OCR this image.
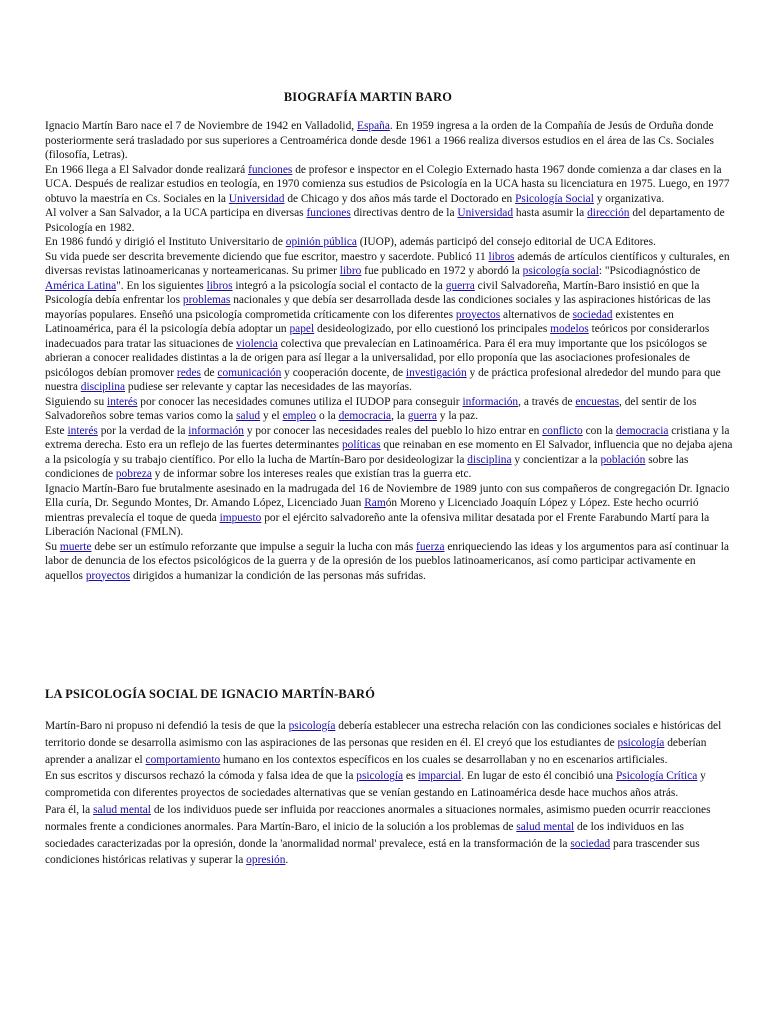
BIOGRAFÍA MARTIN BARO

Ignacio Martín Baro nace el 7 de Noviembre de 1942 en Valladolid, España. En 1959 ingresa a la orden de la Compañía de Jesús de Orduña donde posteriormente será trasladado por sus superiores a Centroamérica donde desde 1961 a 1966 realiza diversos estudios en el área de las Cs. Sociales (filosofía, Letras).
En 1966 llega a El Salvador donde realizará funciones de profesor e inspector en el Colegio Externado hasta 1967 donde comienza a dar clases en la UCA. Después de realizar estudios en teología, en 1970 comienza sus estudios de Psicología en la UCA hasta su licenciatura en 1975. Luego, en 1977 obtuvo la maestría en Cs. Sociales en la Universidad de Chicago y dos años más tarde el Doctorado en Psicología Social y organizativa.
Al volver a San Salvador, a la UCA participa en diversas funciones directivas dentro de la Universidad hasta asumir la dirección del departamento de Psicología en 1982.
En 1986 fundó y dirigió el Instituto Universitario de opinión pública (IUOP), además participó del consejo editorial de UCA Editores.
Su vida puede ser descrita brevemente diciendo que fue escritor, maestro y sacerdote. Publicó 11 libros además de artículos científicos y culturales, en diversas revistas latinoamericanas y norteamericanas. Su primer libro fue publicado en 1972 y abordó la psicología social: "Psicodiagnóstico de América Latina". En los siguientes libros integró a la psicología social el contacto de la guerra civil Salvadoreña, Martín-Baro insistió en que la Psicología debía enfrentar los problemas nacionales y que debía ser desarrollada desde las condiciones sociales y las aspiraciones históricas de las mayorías populares. Enseñó una psicología comprometida críticamente con los diferentes proyectos alternativos de sociedad existentes en Latinoamérica, para él la psicología debía adoptar un papel desideologizado, por ello cuestionó los principales modelos teóricos por considerarlos inadecuados para tratar las situaciones de violencia colectiva que prevalecían en Latinoamérica. Para él era muy importante que los psicólogos se abrieran a conocer realidades distintas a la de origen para así llegar a la universalidad, por ello proponía que las asociaciones profesionales de psicólogos debían promover redes de comunicación y cooperación docente, de investigación y de práctica profesional alrededor del mundo para que nuestra disciplina pudiese ser relevante y captar las necesidades de las mayorías.
Siguiendo su interés por conocer las necesidades comunes utiliza el IUDOP para conseguir información, a través de encuestas, del sentir de los Salvadoreños sobre temas varios como la salud y el empleo o la democracia, la guerra y la paz.
Este interés por la verdad de la información y por conocer las necesidades reales del pueblo lo hizo entrar en conflicto con la democracia cristiana y la extrema derecha. Esto era un reflejo de las fuertes determinantes políticas que reinaban en ese momento en El Salvador, influencia que no dejaba ajena a la psicología y su trabajo científico. Por ello la lucha de Martín-Baro por desideologizar la disciplina y concientizar a la población sobre las condiciones de pobreza y de informar sobre los intereses reales que existían tras la guerra etc.
Ignacio Martín-Baro fue brutalmente asesinado en la madrugada del 16 de Noviembre de 1989 junto con sus compañeros de congregación Dr. Ignacio Ella curía, Dr. Segundo Montes, Dr. Amando López, Licenciado Juan Ramón Moreno y Licenciado Joaquín López y López. Este hecho ocurrió mientras prevalecía el toque de queda impuesto por el ejército salvadoreño ante la ofensiva militar desatada por el Frente Farabundo Martí para la Liberación Nacional (FMLN).
Su muerte debe ser un estímulo reforzante que impulse a seguir la lucha con más fuerza enriqueciendo las ideas y los argumentos para así continuar la labor de denuncia de los efectos psicológicos de la guerra y de la opresión de los pueblos latinoamericanos, así como participar activamente en aquellos proyectos dirigidos a humanizar la condición de las personas más sufridas.

LA PSICOLOGÍA SOCIAL DE IGNACIO MARTÍN-BARÓ

Martín-Baro ni propuso ni defendió la tesis de que la psicología debería establecer una estrecha relación con las condiciones sociales e históricas del territorio donde se desarrolla asimismo con las aspiraciones de las personas que residen en él. El creyó que los estudiantes de psicología deberían aprender a analizar el comportamiento humano en los contextos específicos en los cuales se desarrollaban y no en escenarios artificiales.
En sus escritos y discursos rechazó la cómoda y falsa idea de que la psicología es imparcial. En lugar de esto él concibió una Psicología Crítica y comprometida con diferentes proyectos de sociedades alternativas que se venían gestando en Latinoamérica desde hace muchos años atrás.
Para él, la salud mental de los individuos puede ser influida por reacciones anormales a situaciones normales, asimismo pueden ocurrir reacciones normales frente a condiciones anormales. Para Martín-Baro, el inicio de la solución a los problemas de salud mental de los individuos en las sociedades caracterizadas por la opresión, donde la 'anormalidad normal' prevalece, está en la transformación de la sociedad para trascender sus condiciones históricas relativas y superar la opresión.
